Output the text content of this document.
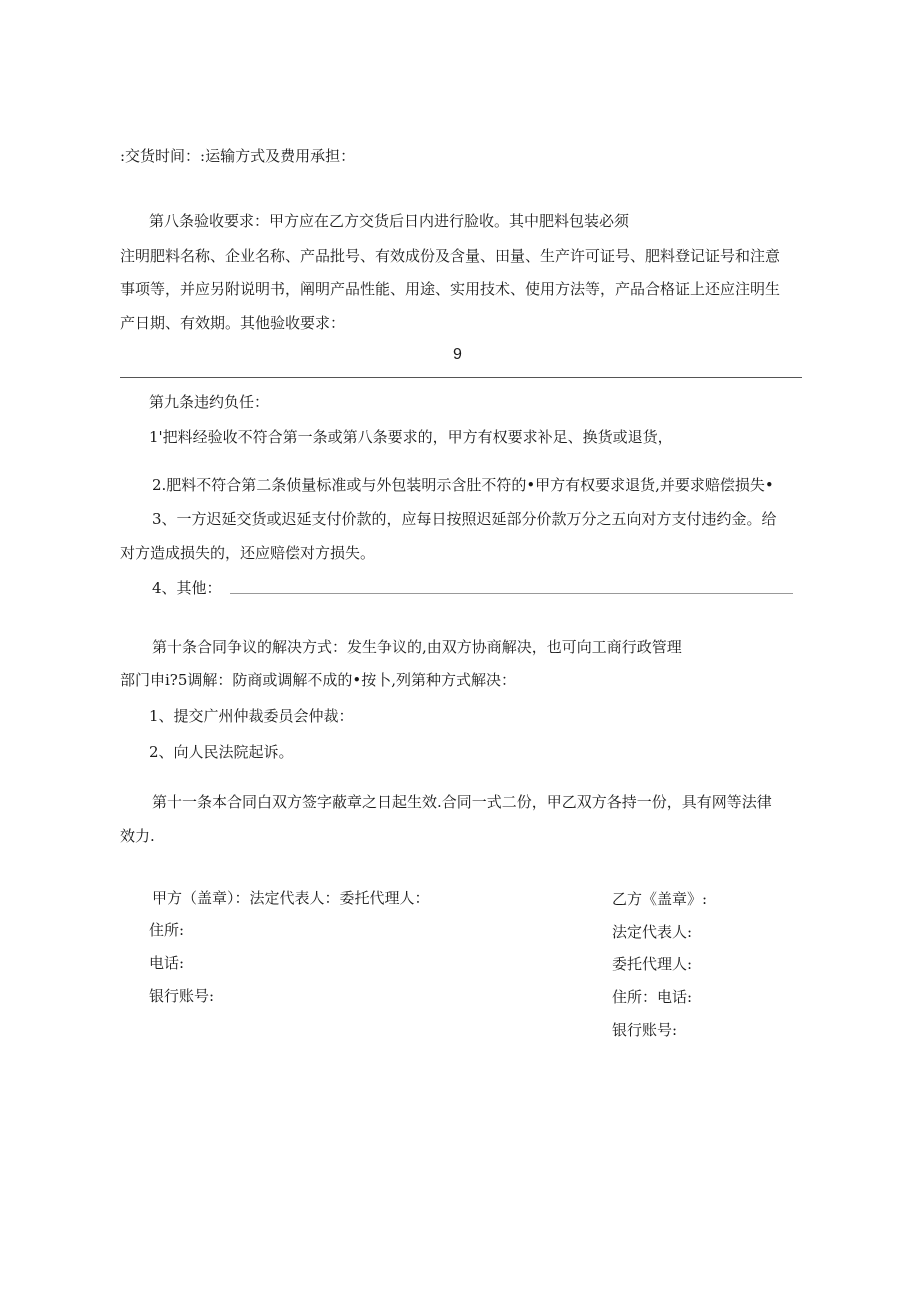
:交货时间：:运输方式及费用承担：
第八条验收要求：甲方应在乙方交货后日内进行脸收。其中肥料包装必须
注明肥料名称、企业名称、产品批号、有效成份及含量、田量、生产许可证号、肥料登记证号和注意
事项等，并应另附说明书，阐明产品性能、用途、实用技术、使用方法等，产品合格证上还应注明生
产日期、有效期。其他验收要求：
9
第九条违约负任：
1'把料经验收不符合第一条或第八条要求的，甲方有权要求补足、换货或退货，
2.肥料不符合第二条侦量标准或与外包装明示含肚不符的•甲方有权要求退货,并要求赔偿损失•
3、一方迟延交货或迟延支付价款的，应每日按照迟延部分价款万分之五向对方支付违约金。给
对方造成损失的，还应赔偿对方损失。
4、其他：
第十条合同争议的解决方式：发生争议的,由双方协商解决，也可向工商行政管理
部门申i?5调解：防商或调解不成的•按卜,列第种方式解决：
1、提交广州仲裁委员会仲裁：
2、向人民法院起诉。
第十一条本合同白双方签字蔽章之日起生效.合同一式二份，甲乙双方各持一份，具有网等法律
效力.
甲方（盖章）：法定代表人：委托代理人：
住所:
电话:
银行账号:
乙方《盖章》:
法定代表人:
委托代理人:
住所：电话:
银行账号:
